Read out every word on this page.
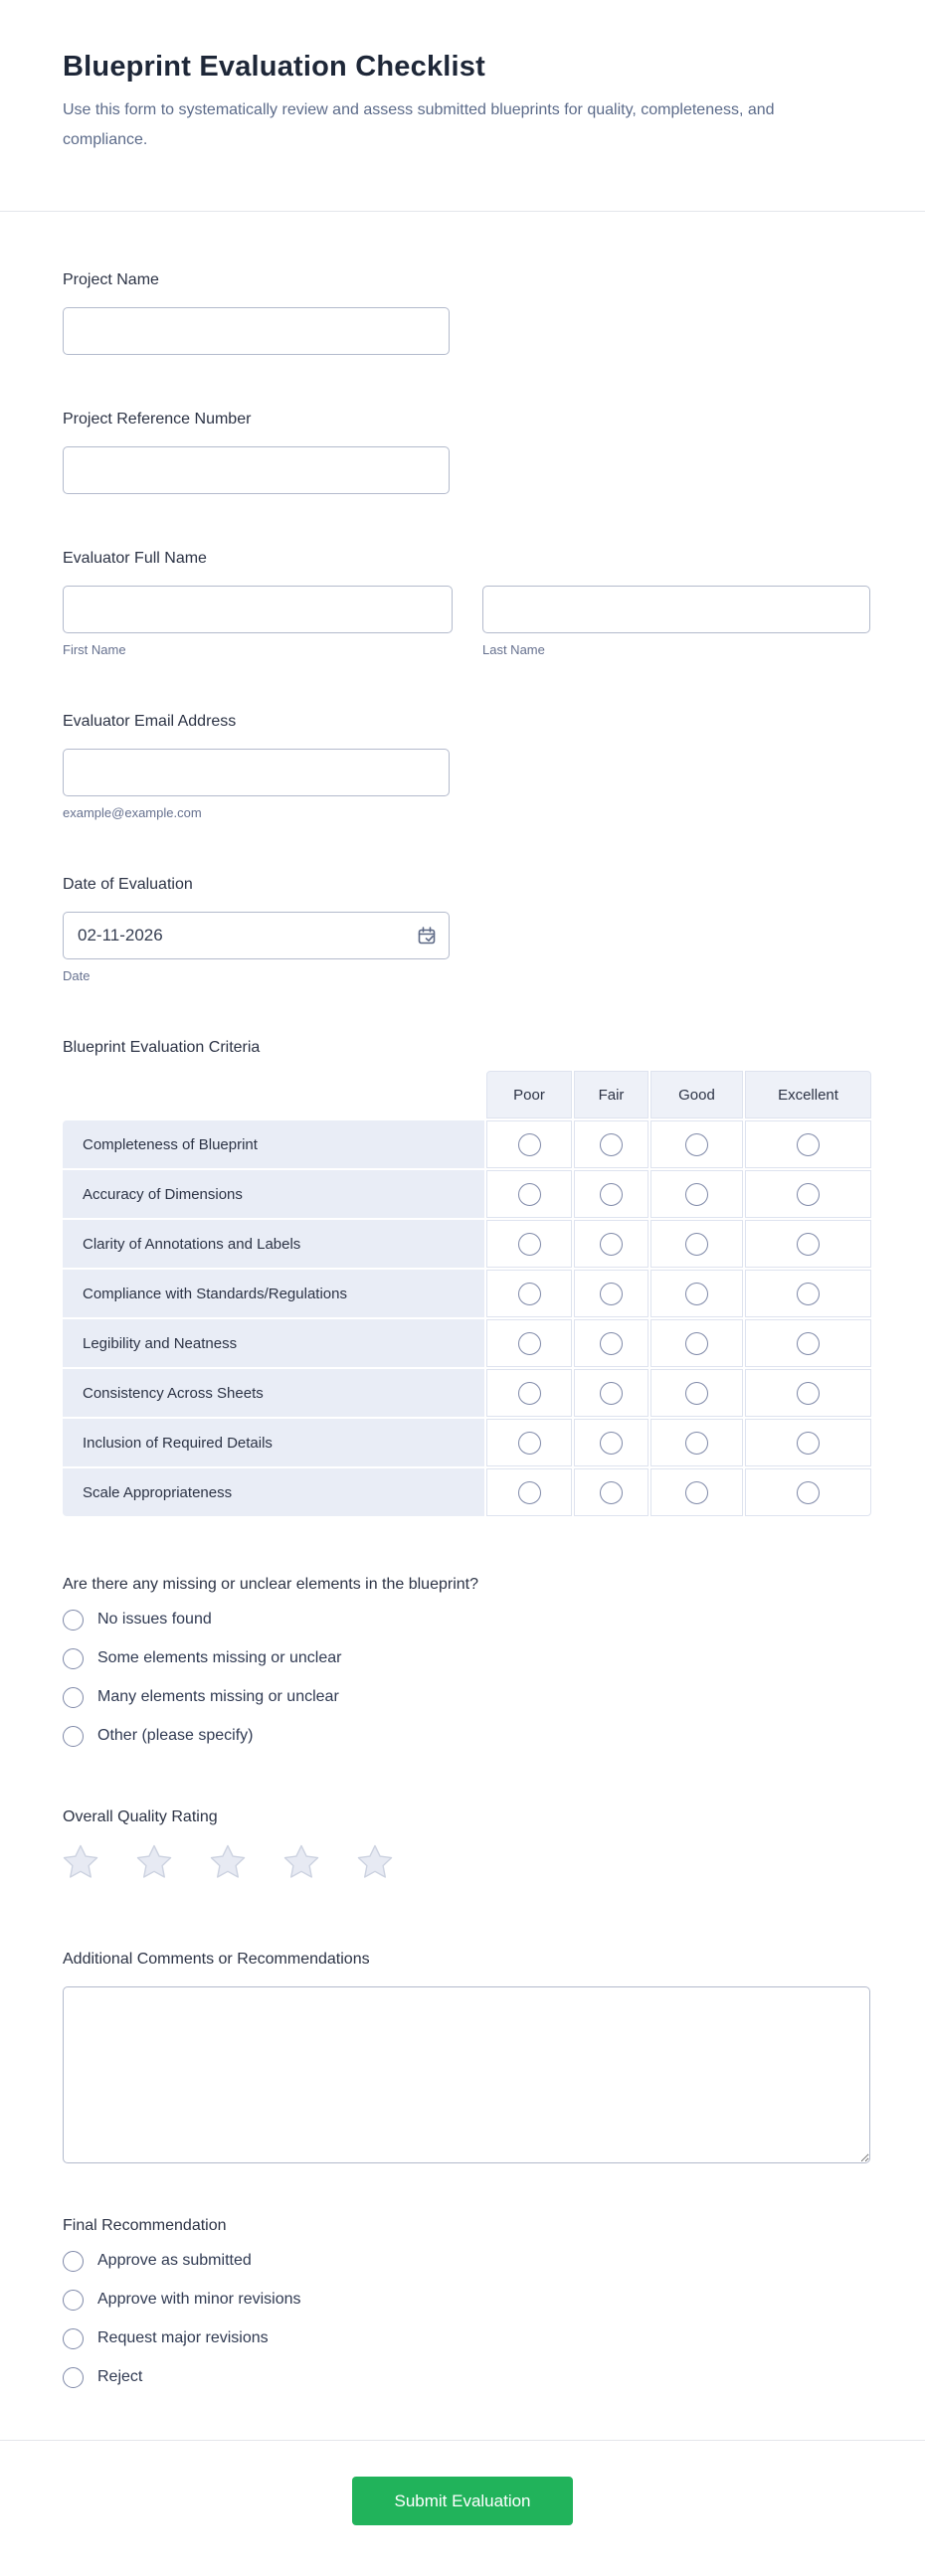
Blueprint Evaluation Checklist

Use this form to systematically review and assess submitted blueprints for quality, completeness, and compliance.

Project Name
Project Reference Number
Evaluator Full Name
First Name	Last Name
Evaluator Email Address
example@example.com
Date of Evaluation
02-11-2026
Date
Blueprint Evaluation Criteria
Poor	Fair	Good	Excellent
Completeness of Blueprint
Accuracy of Dimensions
Clarity of Annotations and Labels
Compliance with Standards/Regulations
Legibility and Neatness
Consistency Across Sheets
Inclusion of Required Details
Scale Appropriateness
Are there any missing or unclear elements in the blueprint?
No issues found
Some elements missing or unclear
Many elements missing or unclear
Other (please specify)
Overall Quality Rating
Additional Comments or Recommendations
Final Recommendation
Approve as submitted
Approve with minor revisions
Request major revisions
Reject
Submit Evaluation
